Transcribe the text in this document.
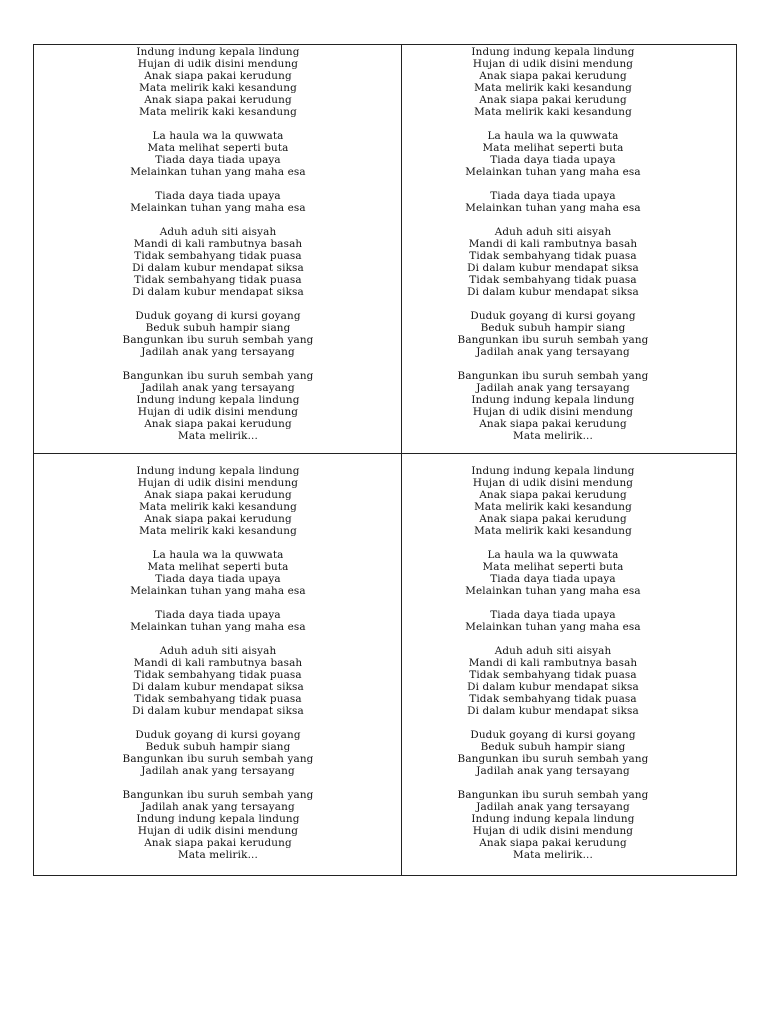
Indung indung kepala lindung
Hujan di udik disini mendung
Anak siapa pakai kerudung
Mata melirik kaki kesandung
Anak siapa pakai kerudung
Mata melirik kaki kesandung
La haula wa la quwwata
Mata melihat seperti buta
Tiada daya tiada upaya
Melainkan tuhan yang maha esa
Tiada daya tiada upaya
Melainkan tuhan yang maha esa
Aduh aduh siti aisyah
Mandi di kali rambutnya basah
Tidak sembahyang tidak puasa
Di dalam kubur mendapat siksa
Tidak sembahyang tidak puasa
Di dalam kubur mendapat siksa
Duduk goyang di kursi goyang
Beduk subuh hampir siang
Bangunkan ibu suruh sembah yang
Jadilah anak yang tersayang
Bangunkan ibu suruh sembah yang
Jadilah anak yang tersayang
Indung indung kepala lindung
Hujan di udik disini mendung
Anak siapa pakai kerudung
Mata melirik...
Indung indung kepala lindung
Hujan di udik disini mendung
Anak siapa pakai kerudung
Mata melirik kaki kesandung
Anak siapa pakai kerudung
Mata melirik kaki kesandung
La haula wa la quwwata
Mata melihat seperti buta
Tiada daya tiada upaya
Melainkan tuhan yang maha esa
Tiada daya tiada upaya
Melainkan tuhan yang maha esa
Aduh aduh siti aisyah
Mandi di kali rambutnya basah
Tidak sembahyang tidak puasa
Di dalam kubur mendapat siksa
Tidak sembahyang tidak puasa
Di dalam kubur mendapat siksa
Duduk goyang di kursi goyang
Beduk subuh hampir siang
Bangunkan ibu suruh sembah yang
Jadilah anak yang tersayang
Bangunkan ibu suruh sembah yang
Jadilah anak yang tersayang
Indung indung kepala lindung
Hujan di udik disini mendung
Anak siapa pakai kerudung
Mata melirik...
Indung indung kepala lindung
Hujan di udik disini mendung
Anak siapa pakai kerudung
Mata melirik kaki kesandung
Anak siapa pakai kerudung
Mata melirik kaki kesandung
La haula wa la quwwata
Mata melihat seperti buta
Tiada daya tiada upaya
Melainkan tuhan yang maha esa
Tiada daya tiada upaya
Melainkan tuhan yang maha esa
Aduh aduh siti aisyah
Mandi di kali rambutnya basah
Tidak sembahyang tidak puasa
Di dalam kubur mendapat siksa
Tidak sembahyang tidak puasa
Di dalam kubur mendapat siksa
Duduk goyang di kursi goyang
Beduk subuh hampir siang
Bangunkan ibu suruh sembah yang
Jadilah anak yang tersayang
Bangunkan ibu suruh sembah yang
Jadilah anak yang tersayang
Indung indung kepala lindung
Hujan di udik disini mendung
Anak siapa pakai kerudung
Mata melirik...
Indung indung kepala lindung
Hujan di udik disini mendung
Anak siapa pakai kerudung
Mata melirik kaki kesandung
Anak siapa pakai kerudung
Mata melirik kaki kesandung
La haula wa la quwwata
Mata melihat seperti buta
Tiada daya tiada upaya
Melainkan tuhan yang maha esa
Tiada daya tiada upaya
Melainkan tuhan yang maha esa
Aduh aduh siti aisyah
Mandi di kali rambutnya basah
Tidak sembahyang tidak puasa
Di dalam kubur mendapat siksa
Tidak sembahyang tidak puasa
Di dalam kubur mendapat siksa
Duduk goyang di kursi goyang
Beduk subuh hampir siang
Bangunkan ibu suruh sembah yang
Jadilah anak yang tersayang
Bangunkan ibu suruh sembah yang
Jadilah anak yang tersayang
Indung indung kepala lindung
Hujan di udik disini mendung
Anak siapa pakai kerudung
Mata melirik...
